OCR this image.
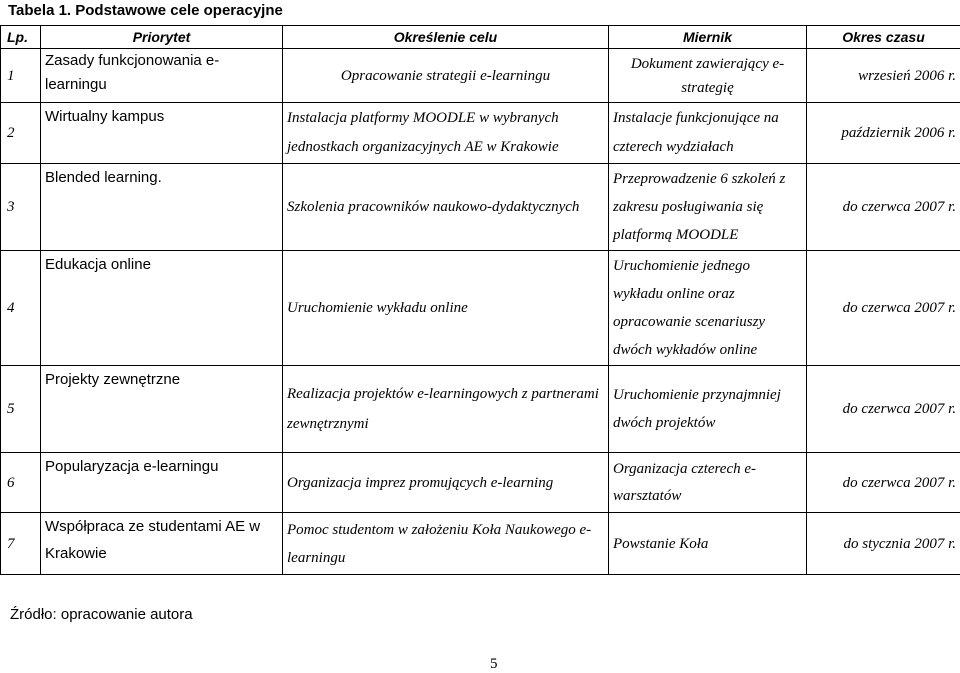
Tabela 1. Podstawowe cele operacyjne
Lp.	Priorytet	Określenie celu	Miernik	Okres czasu
1	Zasady funkcjonowania e-learningu	Opracowanie strategii e-learningu	Dokument zawierający e-strategię	wrzesień 2006 r.
2	Wirtualny kampus	Instalacja platformy MOODLE w wybranych jednostkach organizacyjnych AE w Krakowie	Instalacje funkcjonujące na czterech wydziałach	październik 2006 r.
3	Blended learning.	Szkolenia pracowników naukowo-dydaktycznych	Przeprowadzenie 6 szkoleń z zakresu posługiwania się platformą MOODLE	do czerwca 2007 r.
4	Edukacja online	Uruchomienie wykładu online	Uruchomienie jednego wykładu online oraz opracowanie scenariuszy dwóch wykładów online	do czerwca 2007 r.
5	Projekty zewnętrzne	Realizacja projektów e-learningowych z partnerami zewnętrznymi	Uruchomienie przynajmniej dwóch projektów	do czerwca 2007 r.
6	Popularyzacja e-learningu	Organizacja imprez promujących e-learning	Organizacja czterech e-warsztatów	do czerwca 2007 r.
7	Współpraca ze studentami AE w Krakowie	Pomoc studentom w założeniu Koła Naukowego e-learningu	Powstanie Koła	do stycznia 2007 r.
Źródło: opracowanie autora
5
